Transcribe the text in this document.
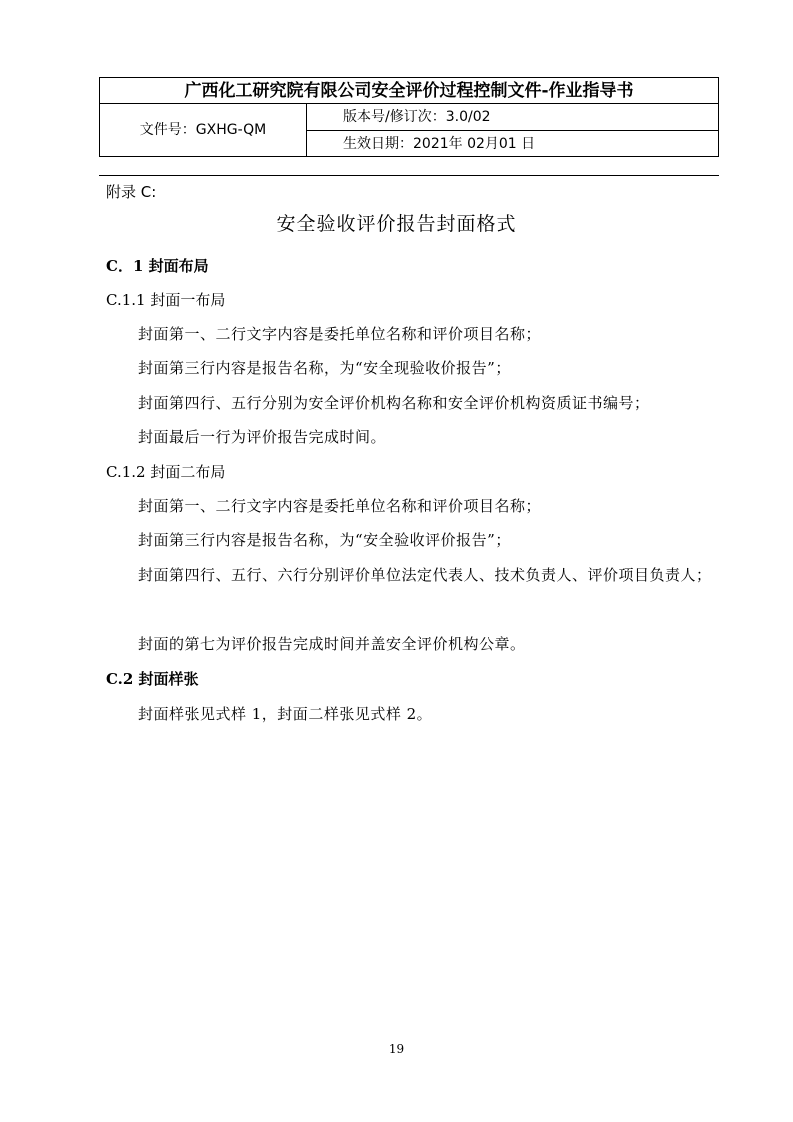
广西化工研究院有限公司安全评价过程控制文件-作业指导书
文件号：GXHG-QM
版本号/修订次：3.0/02
生效日期：2021年 02月01 日
附录 C:
安全验收评价报告封面格式
C．1 封面布局
C.1.1 封面一布局
封面第一、二行文字内容是委托单位名称和评价项目名称；
封面第三行内容是报告名称，为“安全现验收价报告”；
封面第四行、五行分别为安全评价机构名称和安全评价机构资质证书编号；
封面最后一行为评价报告完成时间。
C.1.2 封面二布局
封面第一、二行文字内容是委托单位名称和评价项目名称；
封面第三行内容是报告名称，为“安全验收评价报告”；
封面第四行、五行、六行分别评价单位法定代表人、技术负责人、评价项目负责人；
封面的第七为评价报告完成时间并盖安全评价机构公章。
C.2 封面样张
封面样张见式样 1，封面二样张见式样 2。
19
